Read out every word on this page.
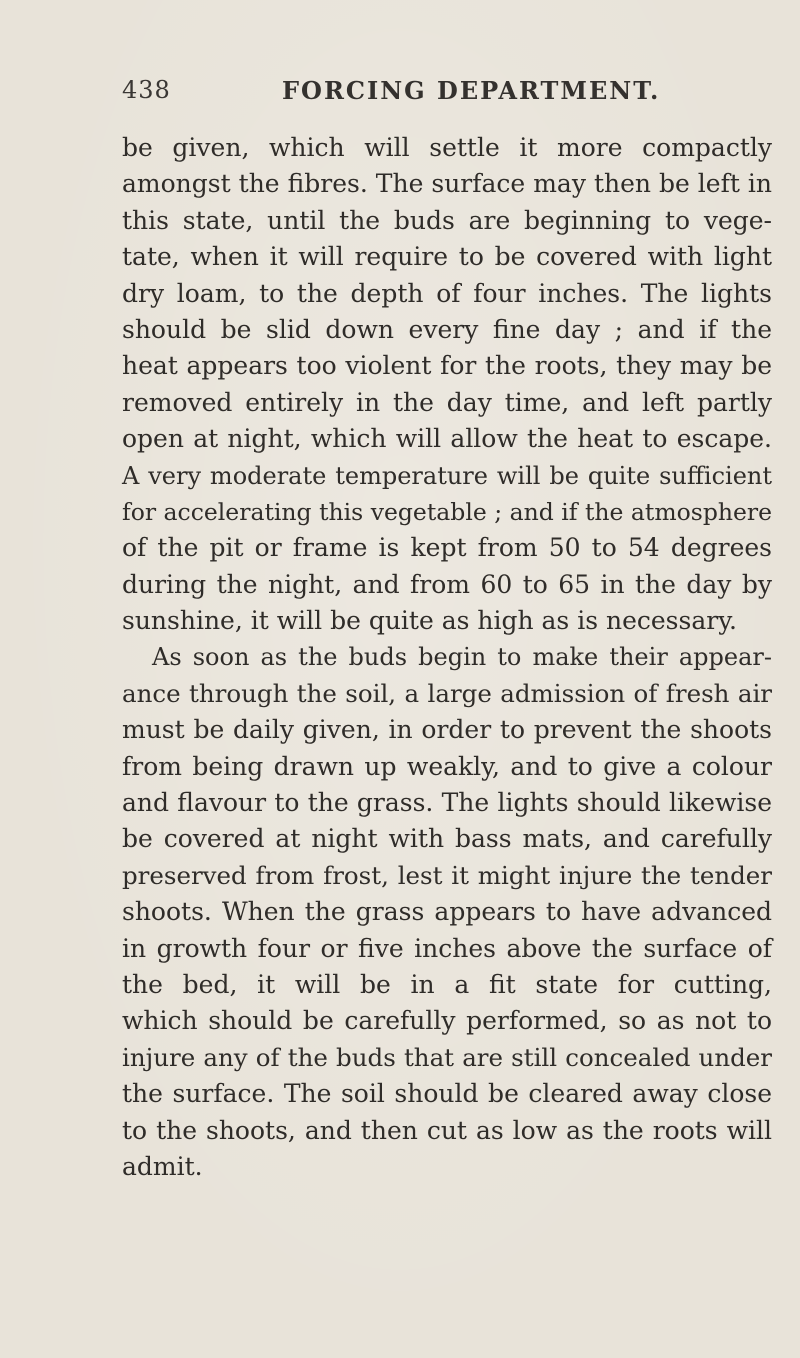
438	FORCING DEPARTMENT.
be given, which will settle it more compactly
amongst the fibres. The surface may then be left in
this state, until the buds are beginning to vege-
tate, when it will require to be covered with light
dry loam, to the depth of four inches. The lights
should be slid down every fine day ; and if the
heat appears too violent for the roots, they may be
removed entirely in the day time, and left partly
open at night, which will allow the heat to escape.
A very moderate temperature will be quite sufficient
for accelerating this vegetable ; and if the atmosphere
of the pit or frame is kept from 50 to 54 degrees
during the night, and from 60 to 65 in the day by
sunshine, it will be quite as high as is necessary.
As soon as the buds begin to make their appear-
ance through the soil, a large admission of fresh air
must be daily given, in order to prevent the shoots
from being drawn up weakly, and to give a colour
and flavour to the grass. The lights should likewise
be covered at night with bass mats, and carefully
preserved from frost, lest it might injure the tender
shoots. When the grass appears to have advanced
in growth four or five inches above the surface of
the bed, it will be in a fit state for cutting,
which should be carefully performed, so as not to
injure any of the buds that are still concealed under
the surface. The soil should be cleared away close
to the shoots, and then cut as low as the roots will
admit.
